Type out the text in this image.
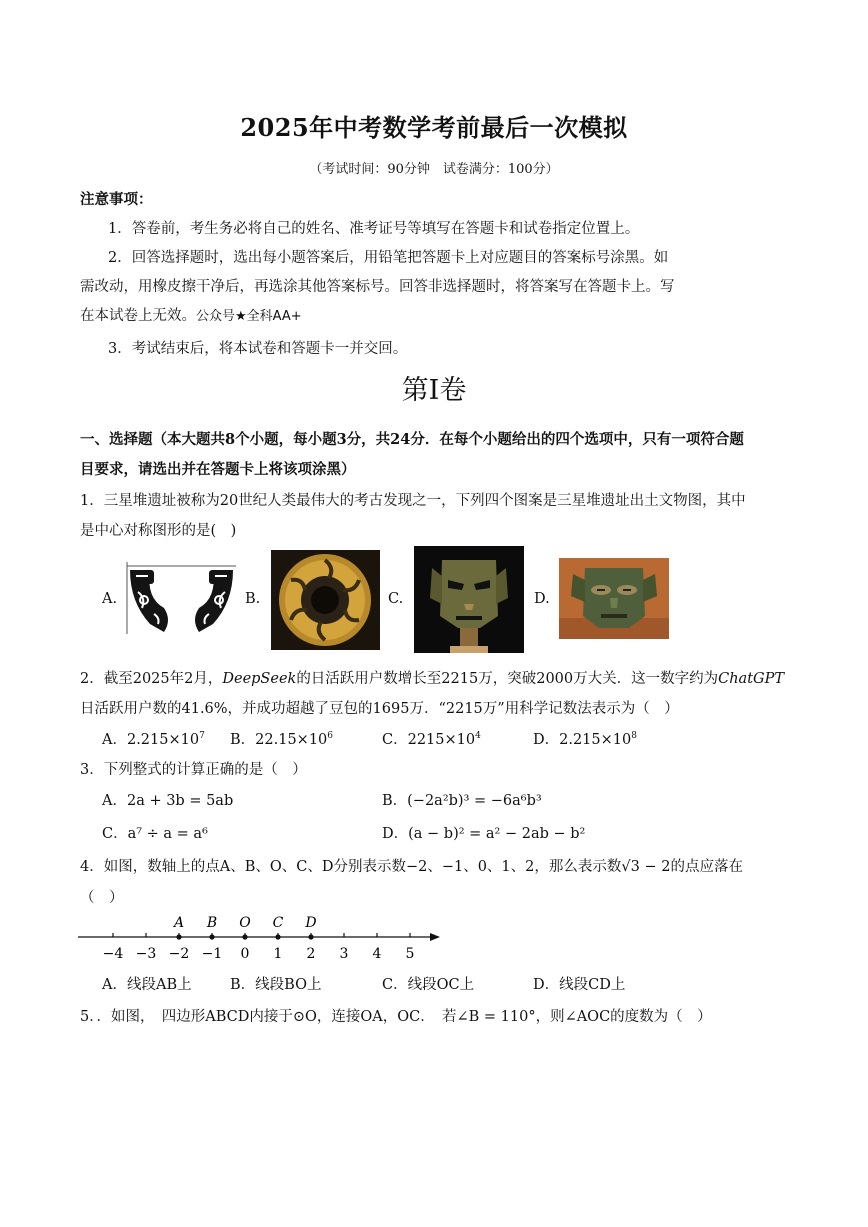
2025年中考数学考前最后一次模拟
（考试时间：90分钟　试卷满分：100分）
注意事项：
1．答卷前，考生务必将自己的姓名、准考证号等填写在答题卡和试卷指定位置上。
2．回答选择题时，选出每小题答案后，用铅笔把答题卡上对应题目的答案标号涂黑。如
需改动，用橡皮擦干净后，再选涂其他答案标号。回答非选择题时，将答案写在答题卡上。写
在本试卷上无效。公众号★全科AA+
3．考试结束后，将本试卷和答题卡一并交回。
第Ⅰ卷
一、选择题（本大题共8个小题，每小题3分，共24分．在每个小题给出的四个选项中，只有一项符合题
目要求，请选出并在答题卡上将该项涂黑）
1．三星堆遗址被称为20世纪人类最伟大的考古发现之一，下列四个图案是三星堆遗址出土文物图，其中
是中心对称图形的是(　)
A.	B.	C.	D.
2．截至2025年2月，DeepSeek的日活跃用户数增长至2215万，突破2000万大关．这一数字约为ChatGPT
日活跃用户数的41.6%，并成功超越了豆包的1695万．“2215万”用科学记数法表示为（　）
A．$2.215\times 10^7$ B．$22.15\times 10^6$	C．$2215\times 10^4$	D．$2.215\times 10^8$
3．下列整式的计算正确的是（　）
A．2a + 3b = 5ab	B．(−2a²b)³ = −6a⁶b³
C．a⁷ ÷ a = a⁶	D．(a − b)² = a² − 2ab − b²
4．如图，数轴上的点A、B、O、C、D分别表示数−2、−1、0、1、2，那么表示数√3 − 2的点应落在
（　）
−4 −3 −2 −1 0 1 2 3 4 5
A B O C D
A．线段AB上	B．线段BO上	C．线段OC上	D．线段CD上
5．．如图，　四边形ABCD内接于⊙O，连接OA，OC．　若∠B = 110°，则∠AOC的度数为（　）
